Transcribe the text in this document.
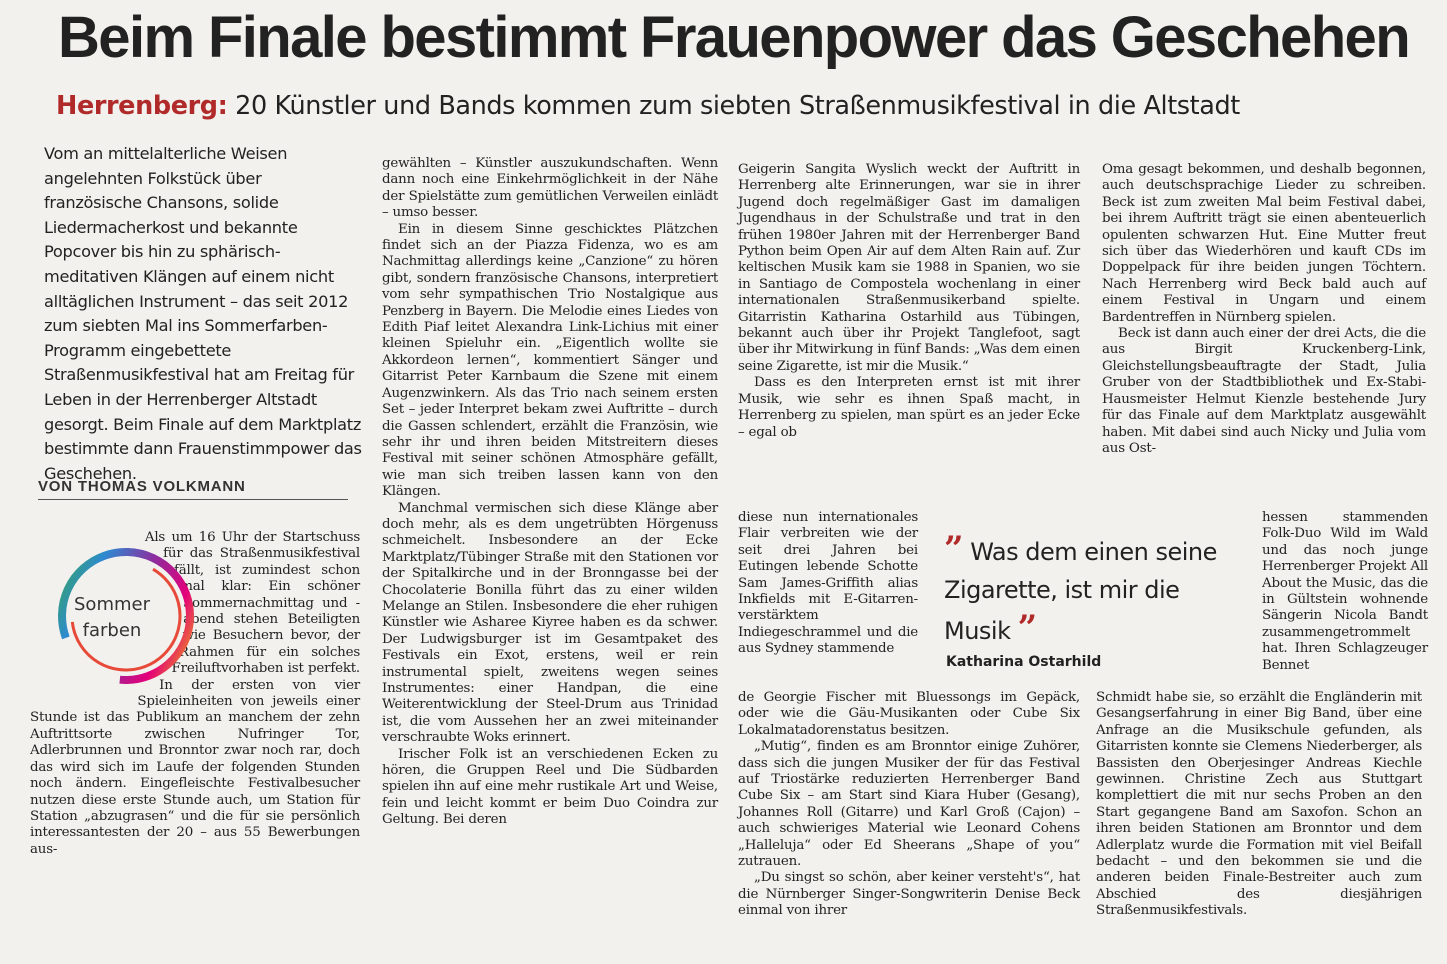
Beim Finale bestimmt Frauenpower das Geschehen
Herrenberg: 20 Künstler und Bands kommen zum siebten Straßenmusikfestival in die Altstadt
Vom an mittelalterliche Weisen angelehnten Folkstück über französische Chansons, solide Liedermacherkost und bekannte Popcover bis hin zu sphärisch-meditativen Klängen auf einem nicht alltäglichen Instrument – das seit 2012 zum siebten Mal ins Sommerfarben-Programm eingebettete Straßenmusikfestival hat am Freitag für Leben in der Herrenberger Altstadt gesorgt. Beim Finale auf dem Marktplatz bestimmte dann Frauenstimmpower das Geschehen.
VON THOMAS VOLKMANN

Als um 16 Uhr der Startschuss für das Straßenmusikfestival fällt, ist zumindest schon mal klar: Ein schöner Sommernachmittag und -abend stehen Beteiligten wie Besuchern bevor, der Rahmen für ein solches Freiluftvorhaben ist perfekt. In der ersten von vier Spieleinheiten von jeweils einer Stunde ist das Publikum an manchem der zehn Auftrittsorte zwischen Nufringer Tor, Adlerbrunnen und Bronntor zwar noch rar, doch das wird sich im Laufe der folgenden Stunden noch ändern. Eingefleischte Festivalbesucher nutzen diese erste Stunde auch, um Station für Station „abzugrasen“ und die für sie persönlich interessantesten der 20 – aus 55 Bewerbungen aus-

Sommer
farben

gewählten – Künstler auszukundschaften. Wenn dann noch eine Einkehrmöglichkeit in der Nähe der Spielstätte zum gemütlichen Verweilen einlädt – umso besser.

Ein in diesem Sinne geschicktes Plätzchen findet sich an der Piazza Fidenza, wo es am Nachmittag allerdings keine „Canzione“ zu hören gibt, sondern französische Chansons, interpretiert vom sehr sympathischen Trio Nostalgique aus Penzberg in Bayern. Die Melodie eines Liedes von Edith Piaf leitet Alexandra Link-Lichius mit einer kleinen Spieluhr ein. „Eigentlich wollte sie Akkordeon lernen“, kommentiert Sänger und Gitarrist Peter Karnbaum die Szene mit einem Augenzwinkern. Als das Trio nach seinem ersten Set – jeder Interpret bekam zwei Auftritte – durch die Gassen schlendert, erzählt die Französin, wie sehr ihr und ihren beiden Mitstreitern dieses Festival mit seiner schönen Atmosphäre gefällt, wie man sich treiben lassen kann von den Klängen.

Manchmal vermischen sich diese Klänge aber doch mehr, als es dem ungetrübten Hörgenuss schmeichelt. Insbesondere an der Ecke Marktplatz/Tübinger Straße mit den Stationen vor der Spitalkirche und in der Bronngasse bei der Chocolaterie Bonilla führt das zu einer wilden Melange an Stilen. Insbesondere die eher ruhigen Künstler wie Asharee Kiyree haben es da schwer. Der Ludwigsburger ist im Gesamtpaket des Festivals ein Exot, erstens, weil er rein instrumental spielt, zweitens wegen seines Instrumentes: einer Handpan, die eine Weiterentwicklung der Steel-Drum aus Trinidad ist, die vom Aussehen her an zwei miteinander verschraubte Woks erinnert.

Irischer Folk ist an verschiedenen Ecken zu hören, die Gruppen Reel und Die Südbarden spielen ihn auf eine mehr rustikale Art und Weise, fein und leicht kommt er beim Duo Coindra zur Geltung. Bei deren

Geigerin Sangita Wyslich weckt der Auftritt in Herrenberg alte Erinnerungen, war sie in ihrer Jugend doch regelmäßiger Gast im damaligen Jugendhaus in der Schulstraße und trat in den frühen 1980er Jahren mit der Herrenberger Band Python beim Open Air auf dem Alten Rain auf. Zur keltischen Musik kam sie 1988 in Spanien, wo sie in Santiago de Compostela wochenlang in einer internationalen Straßenmusikerband spielte. Gitarristin Katharina Ostarhild aus Tübingen, bekannt auch über ihr Projekt Tanglefoot, sagt über ihr Mitwirkung in fünf Bands: „Was dem einen seine Zigarette, ist mir die Musik.“

Dass es den Interpreten ernst ist mit ihrer Musik, wie sehr es ihnen Spaß macht, in Herrenberg zu spielen, man spürt es an jeder Ecke – egal ob

diese nun internationales Flair verbreiten wie der seit drei Jahren bei Eutingen lebende Schotte Sam James-Griffith alias Inkfields mit E-Gitarren-verstärktem Indiegeschrammel und die aus Sydney stammende

de Georgie Fischer mit Bluessongs im Gepäck, oder wie die Gäu-Musikanten oder Cube Six Lokalmatadorenstatus besitzen.

„Mutig“, finden es am Bronntor einige Zuhörer, dass sich die jungen Musiker der für das Festival auf Triostärke reduzierten Herrenberger Band Cube Six – am Start sind Kiara Huber (Gesang), Johannes Roll (Gitarre) und Karl Groß (Cajon) – auch schwieriges Material wie Leonard Cohens „Halleluja“ oder Ed Sheerans „Shape of you“ zutrauen.

„Du singst so schön, aber keiner versteht's“, hat die Nürnberger Singer-Songwriterin Denise Beck einmal von ihrer

” Was dem einen seine Zigarette, ist mir die Musik ”
Katharina Ostarhild

Oma gesagt bekommen, und deshalb begonnen, auch deutschsprachige Lieder zu schreiben. Beck ist zum zweiten Mal beim Festival dabei, bei ihrem Auftritt trägt sie einen abenteuerlich opulenten schwarzen Hut. Eine Mutter freut sich über das Wiederhören und kauft CDs im Doppelpack für ihre beiden jungen Töchtern. Nach Herrenberg wird Beck bald auch auf einem Festival in Ungarn und einem Bardentreffen in Nürnberg spielen.

Beck ist dann auch einer der drei Acts, die die aus Birgit Kruckenberg-Link, Gleichstellungsbeauftragte der Stadt, Julia Gruber von der Stadtbibliothek und Ex-Stabi-Hausmeister Helmut Kienzle bestehende Jury für das Finale auf dem Marktplatz ausgewählt haben. Mit dabei sind auch Nicky und Julia vom aus Ost-

hessen stammenden Folk-Duo Wild im Wald und das noch junge Herrenberger Projekt All About the Music, das die in Gültstein wohnende Sängerin Nicola Bandt zusammengetrommelt hat. Ihren Schlagzeuger Bennet

Schmidt habe sie, so erzählt die Engländerin mit Gesangserfahrung in einer Big Band, über eine Anfrage an die Musikschule gefunden, als Gitarristen konnte sie Clemens Niederberger, als Bassisten den Oberjesinger Andreas Kiechle gewinnen. Christine Zech aus Stuttgart komplettiert die mit nur sechs Proben an den Start gegangene Band am Saxofon. Schon an ihren beiden Stationen am Bronntor und dem Adlerplatz wurde die Formation mit viel Beifall bedacht – und den bekommen sie und die anderen beiden Finale-Bestreiter auch zum Abschied des diesjährigen Straßenmusikfestivals.
